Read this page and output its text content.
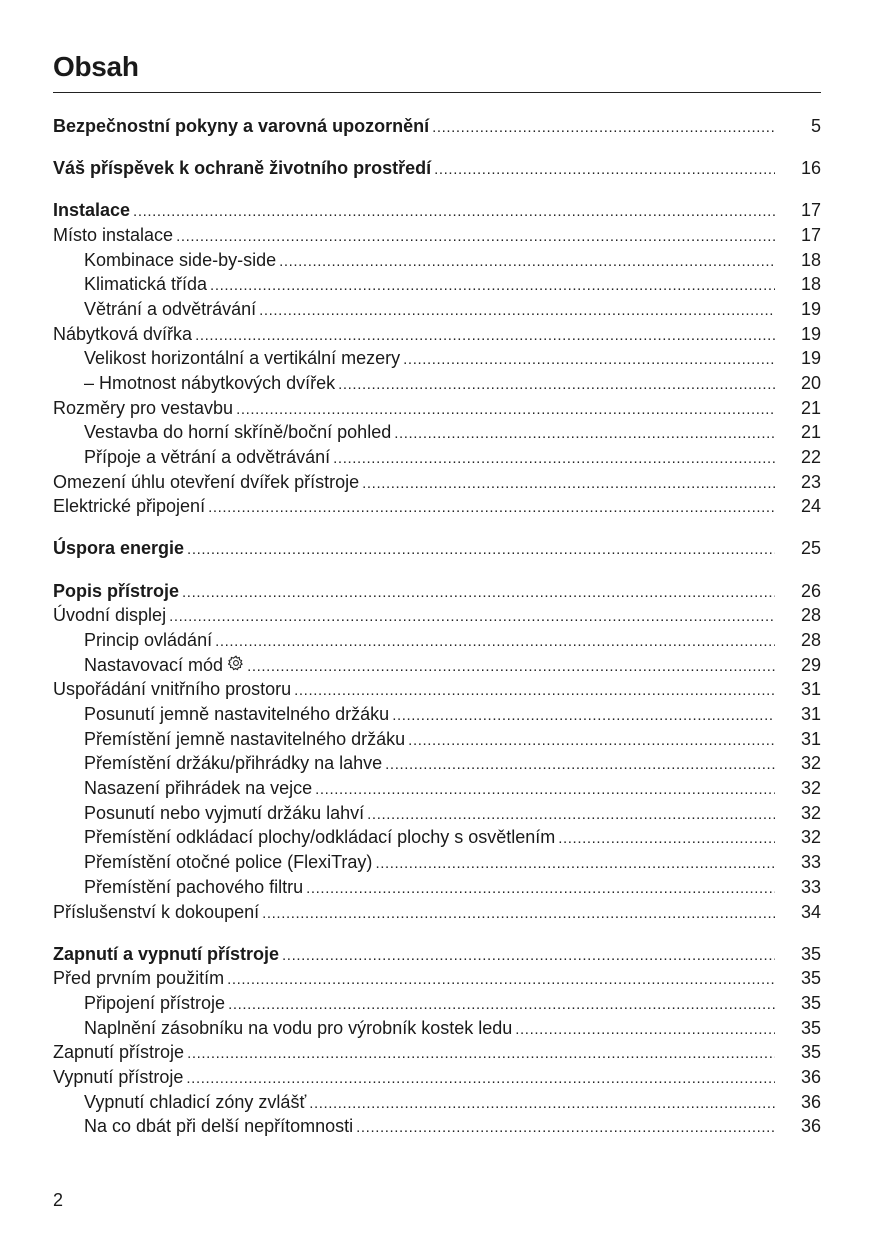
Obsah
Bezpečnostní pokyny a varovná upozornění .....	5
Váš příspěvek k ochraně životního prostředí .....	16
Instalace .....	17
Místo instalace .....	17
Kombinace side-by-side .....	18
Klimatická třída .....	18
Větrání a odvětrávání .....	19
Nábytková dvířka .....	19
Velikost horizontální a vertikální mezery .....	19
– Hmotnost nábytkových dvířek .....	20
Rozměry pro vestavbu .....	21
Vestavba do horní skříně/boční pohled .....	21
Přípoje a větrání a odvětrávání .....	22
Omezení úhlu otevření dvířek přístroje .....	23
Elektrické připojení .....	24
Úspora energie .....	25
Popis přístroje .....	26
Úvodní displej .....	28
Princip ovládání .....	28
Nastavovací mód .....	29
Uspořádání vnitřního prostoru .....	31
Posunutí jemně nastavitelného držáku .....	31
Přemístění jemně nastavitelného držáku .....	31
Přemístění držáku/přihrádky na lahve .....	32
Nasazení přihrádek na vejce .....	32
Posunutí nebo vyjmutí držáku lahví .....	32
Přemístění odkládací plochy/odkládací plochy s osvětlením .....	32
Přemístění otočné police (FlexiTray) .....	33
Přemístění pachového filtru .....	33
Příslušenství k dokoupení .....	34
Zapnutí a vypnutí přístroje .....	35
Před prvním použitím .....	35
Připojení přístroje .....	35
Naplnění zásobníku na vodu pro výrobník kostek ledu .....	35
Zapnutí přístroje .....	35
Vypnutí přístroje .....	36
Vypnutí chladicí zóny zvlášť .....	36
Na co dbát při delší nepřítomnosti .....	36
2
